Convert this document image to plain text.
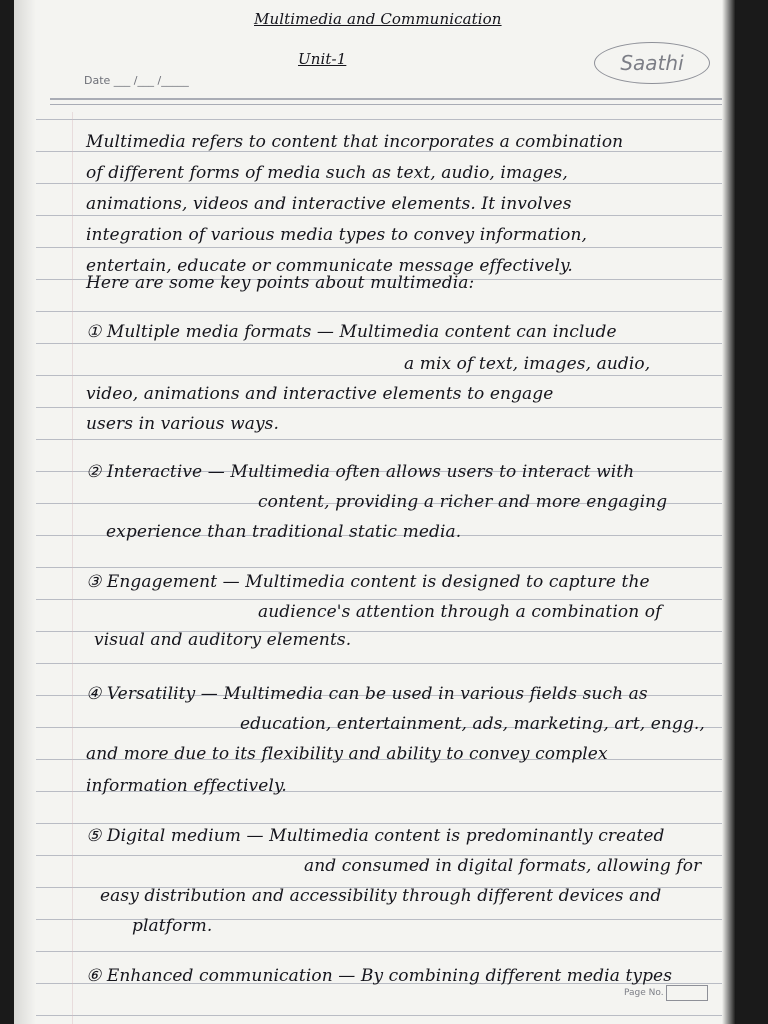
Multimedia and Communication
Unit-1
Date ___ /___ /_____
Saathi
Multimedia refers to content that incorporates a combination
of different forms of media such as text, audio, images,
animations, videos and interactive elements. It involves
integration of various media types to convey information,
entertain, educate or communicate message effectively.
Here are some key points about multimedia:
① Multiple media formats — Multimedia content can include
a mix of text, images, audio,
video, animations and interactive elements to engage
users in various ways.
② Interactive — Multimedia often allows users to interact with
content, providing a richer and more engaging
experience than traditional static media.
③ Engagement — Multimedia content is designed to capture the
audience's attention through a combination of
visual and auditory elements.
④ Versatility — Multimedia can be used in various fields such as
education, entertainment, ads, marketing, art, engg.,
and more due to its flexibility and ability to convey complex
information effectively.
⑤ Digital medium — Multimedia content is predominantly created
and consumed in digital formats, allowing for
easy distribution and accessibility through different devices and
platform.
⑥ Enhanced communication — By combining different media types
Page No.
